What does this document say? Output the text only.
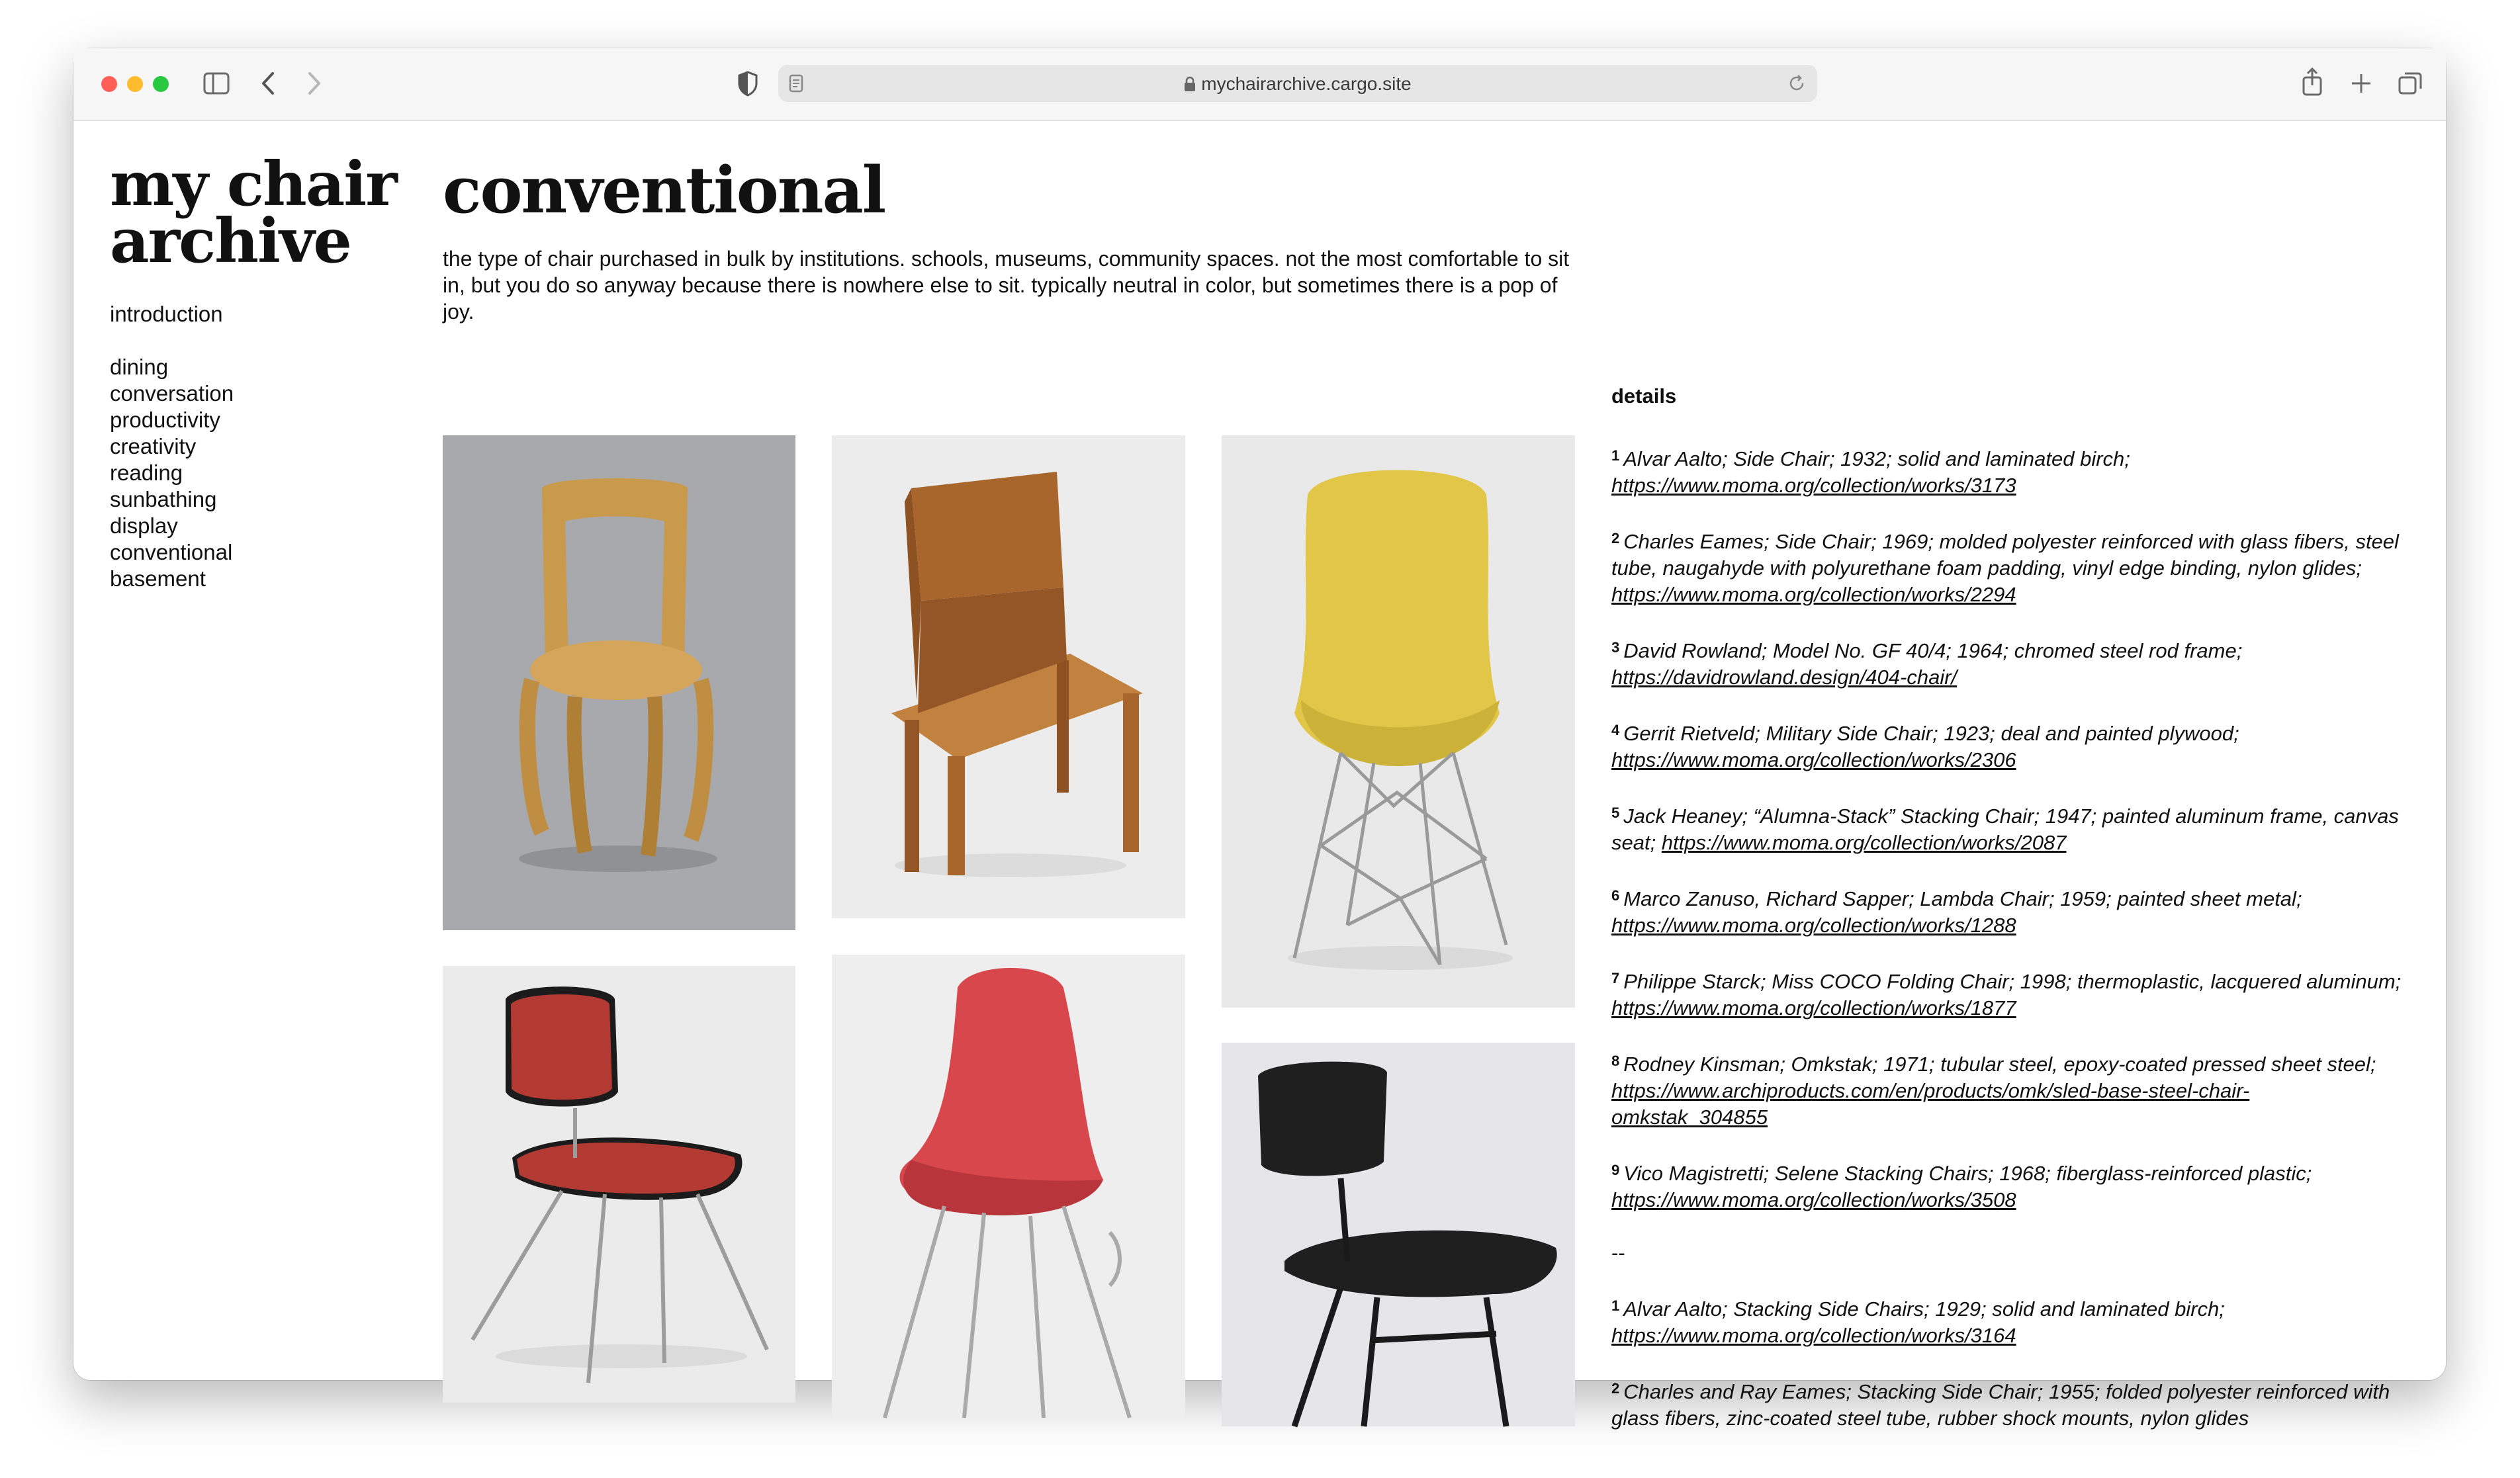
mychairarchive.cargo.site
my chair
archive
introduction
dining
conversation
productivity
creativity
reading
sunbathing
display
conventional
basement
conventional

the type of chair purchased in bulk by institutions. schools, museums, community spaces. not the most comfortable to sit in, but you do so anyway because there is nowhere else to sit. typically neutral in color, but sometimes there is a pop of joy.

details
$^1$ Alvar Aalto; Side Chair; 1932; solid and laminated birch;
https://www.moma.org/collection/works/3173
$^2$ Charles Eames; Side Chair; 1969; molded polyester reinforced with glass fibers, steel tube, naugahyde with polyurethane foam padding, vinyl edge binding, nylon glides; https://www.moma.org/collection/works/2294
$^3$ David Rowland; Model No. GF 40/4; 1964; chromed steel rod frame;
https://davidrowland.design/404-chair/
$^4$ Gerrit Rietveld; Military Side Chair; 1923; deal and painted plywood;
https://www.moma.org/collection/works/2306
$^5$ Jack Heaney; “Alumna-Stack” Stacking Chair; 1947; painted aluminum frame, canvas seat; https://www.moma.org/collection/works/2087
$^6$ Marco Zanuso, Richard Sapper; Lambda Chair; 1959; painted sheet metal;
https://www.moma.org/collection/works/1288
$^7$ Philippe Starck; Miss COCO Folding Chair; 1998; thermoplastic, lacquered aluminum; https://www.moma.org/collection/works/1877
$^8$ Rodney Kinsman; Omkstak; 1971; tubular steel, epoxy-coated pressed sheet steel; https://www.archiproducts.com/en/products/omk/sled-base-steel-chair-omkstak_304855
$^9$ Vico Magistretti; Selene Stacking Chairs; 1968; fiberglass-reinforced plastic;
https://www.moma.org/collection/works/3508
--
$^1$ Alvar Aalto; Stacking Side Chairs; 1929; solid and laminated birch;
https://www.moma.org/collection/works/3164
$^2$ Charles and Ray Eames; Stacking Side Chair; 1955; folded polyester reinforced with glass fibers, zinc-coated steel tube, rubber shock mounts, nylon glides
